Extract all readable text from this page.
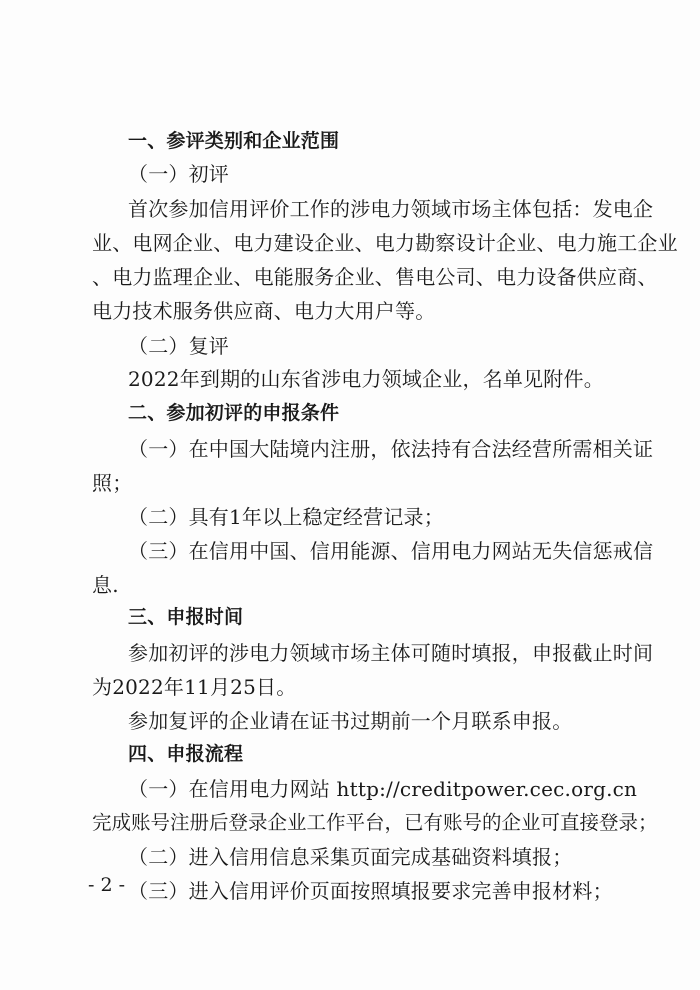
一、参评类别和企业范围
（一）初评
首次参加信用评价工作的涉电力领域市场主体包括：发电企
业、电网企业、电力建设企业、电力勘察设计企业、电力施工企业
、电力监理企业、电能服务企业、售电公司、电力设备供应商、
电力技术服务供应商、电力大用户等。
（二）复评
2022年到期的山东省涉电力领域企业，名单见附件。
二、参加初评的申报条件
（一）在中国大陆境内注册，依法持有合法经营所需相关证
照；
（二）具有1年以上稳定经营记录；
（三）在信用中国、信用能源、信用电力网站无失信惩戒信
息.
三、申报时间
参加初评的涉电力领域市场主体可随时填报，申报截止时间
为2022年11月25日。
参加复评的企业请在证书过期前一个月联系申报。
四、申报流程
（一）在信用电力网站 http://creditpower.cec.org.cn
完成账号注册后登录企业工作平台，已有账号的企业可直接登录；
（二）进入信用信息采集页面完成基础资料填报；
（三）进入信用评价页面按照填报要求完善申报材料；
- 2 -
